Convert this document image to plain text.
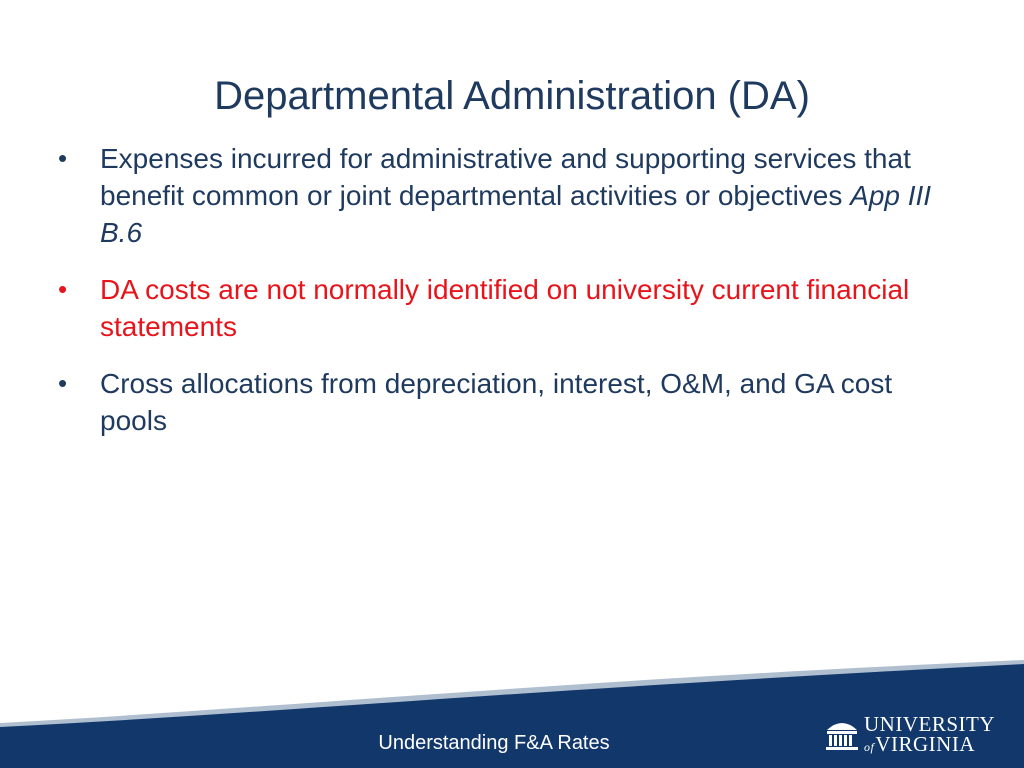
Departmental Administration (DA)
•	Expenses incurred for administrative and supporting services that benefit common or joint departmental activities or objectives App III B.6
•	DA costs are not normally identified on university current financial statements
•	Cross allocations from depreciation, interest, O&M, and GA cost pools
Understanding F&A Rates
UNIVERSITY
ofVIRGINIA
